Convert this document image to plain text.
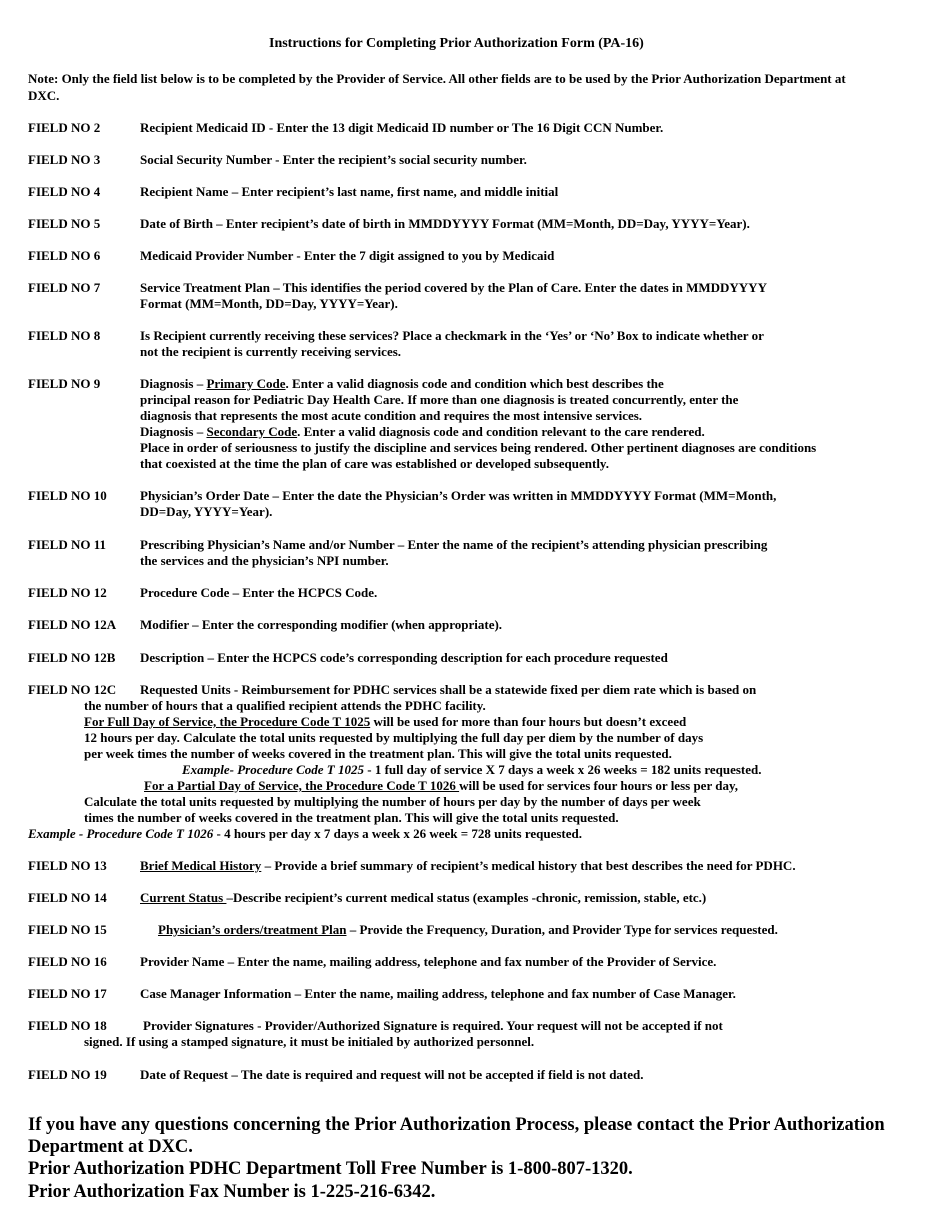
Instructions for Completing Prior Authorization Form (PA-16)
Note: Only the field list below is to be completed by the Provider of Service. All other fields are to be used by the Prior Authorization Department at
DXC.
FIELD NO 2	Recipient Medicaid ID - Enter the 13 digit Medicaid ID number or The 16 Digit CCN Number.
FIELD NO 3	Social Security Number - Enter the recipient’s social security number.
FIELD NO 4	Recipient Name – Enter recipient’s last name, first name, and middle initial
FIELD NO 5	Date of Birth – Enter recipient’s date of birth in MMDDYYYY Format (MM=Month, DD=Day, YYYY=Year).
FIELD NO 6	Medicaid Provider Number - Enter the 7 digit assigned to you by Medicaid
FIELD NO 7	Service Treatment Plan – This identifies the period covered by the Plan of Care. Enter the dates in MMDDYYYY
Format (MM=Month, DD=Day, YYYY=Year).
FIELD NO 8	Is Recipient currently receiving these services? Place a checkmark in the ‘Yes’ or ‘No’ Box to indicate whether or
not the recipient is currently receiving services.
FIELD NO 9	Diagnosis – Primary Code. Enter a valid diagnosis code and condition which best describes the
principal reason for Pediatric Day Health Care. If more than one diagnosis is treated concurrently, enter the
diagnosis that represents the most acute condition and requires the most intensive services.
Diagnosis – Secondary Code. Enter a valid diagnosis code and condition relevant to the care rendered.
Place in order of seriousness to justify the discipline and services being rendered. Other pertinent diagnoses are conditions
that coexisted at the time the plan of care was established or developed subsequently.
FIELD NO 10	Physician’s Order Date – Enter the date the Physician’s Order was written in MMDDYYYY Format (MM=Month,
DD=Day, YYYY=Year).
FIELD NO 11	Prescribing Physician’s Name and/or Number – Enter the name of the recipient’s attending physician prescribing
the services and the physician’s NPI number.
FIELD NO 12	Procedure Code – Enter the HCPCS Code.
FIELD NO 12A Modifier – Enter the corresponding modifier (when appropriate).
FIELD NO 12B Description – Enter the HCPCS code’s corresponding description for each procedure requested
FIELD NO 12C Requested Units - Reimbursement for PDHC services shall be a statewide fixed per diem rate which is based on
the number of hours that a qualified recipient attends the PDHC facility.
For Full Day of Service, the Procedure Code T 1025 will be used for more than four hours but doesn’t exceed
12 hours per day. Calculate the total units requested by multiplying the full day per diem by the number of days
per week times the number of weeks covered in the treatment plan. This will give the total units requested.
Example- Procedure Code T 1025 - 1 full day of service X 7 days a week x 26 weeks = 182 units requested.
For a Partial Day of Service, the Procedure Code T 1026 will be used for services four hours or less per day,
Calculate the total units requested by multiplying the number of hours per day by the number of days per week
times the number of weeks covered in the treatment plan. This will give the total units requested.
Example - Procedure Code T 1026 - 4 hours per day x 7 days a week x 26 week = 728 units requested.
FIELD NO 13	Brief Medical History – Provide a brief summary of recipient’s medical history that best describes the need for PDHC.
FIELD NO 14	Current Status –Describe recipient’s current medical status (examples -chronic, remission, stable, etc.)
FIELD NO 15	Physician’s orders/treatment Plan – Provide the Frequency, Duration, and Provider Type for services requested.
FIELD NO 16	Provider Name – Enter the name, mailing address, telephone and fax number of the Provider of Service.
FIELD NO 17	Case Manager Information – Enter the name, mailing address, telephone and fax number of Case Manager.
FIELD NO 18	Provider Signatures - Provider/Authorized Signature is required. Your request will not be accepted if not
signed. If using a stamped signature, it must be initialed by authorized personnel.
FIELD NO 19	Date of Request – The date is required and request will not be accepted if field is not dated.
If you have any questions concerning the Prior Authorization Process, please contact the Prior Authorization
Department at DXC.
Prior Authorization PDHC Department Toll Free Number is 1-800-807-1320.
Prior Authorization Fax Number is 1-225-216-6342.
